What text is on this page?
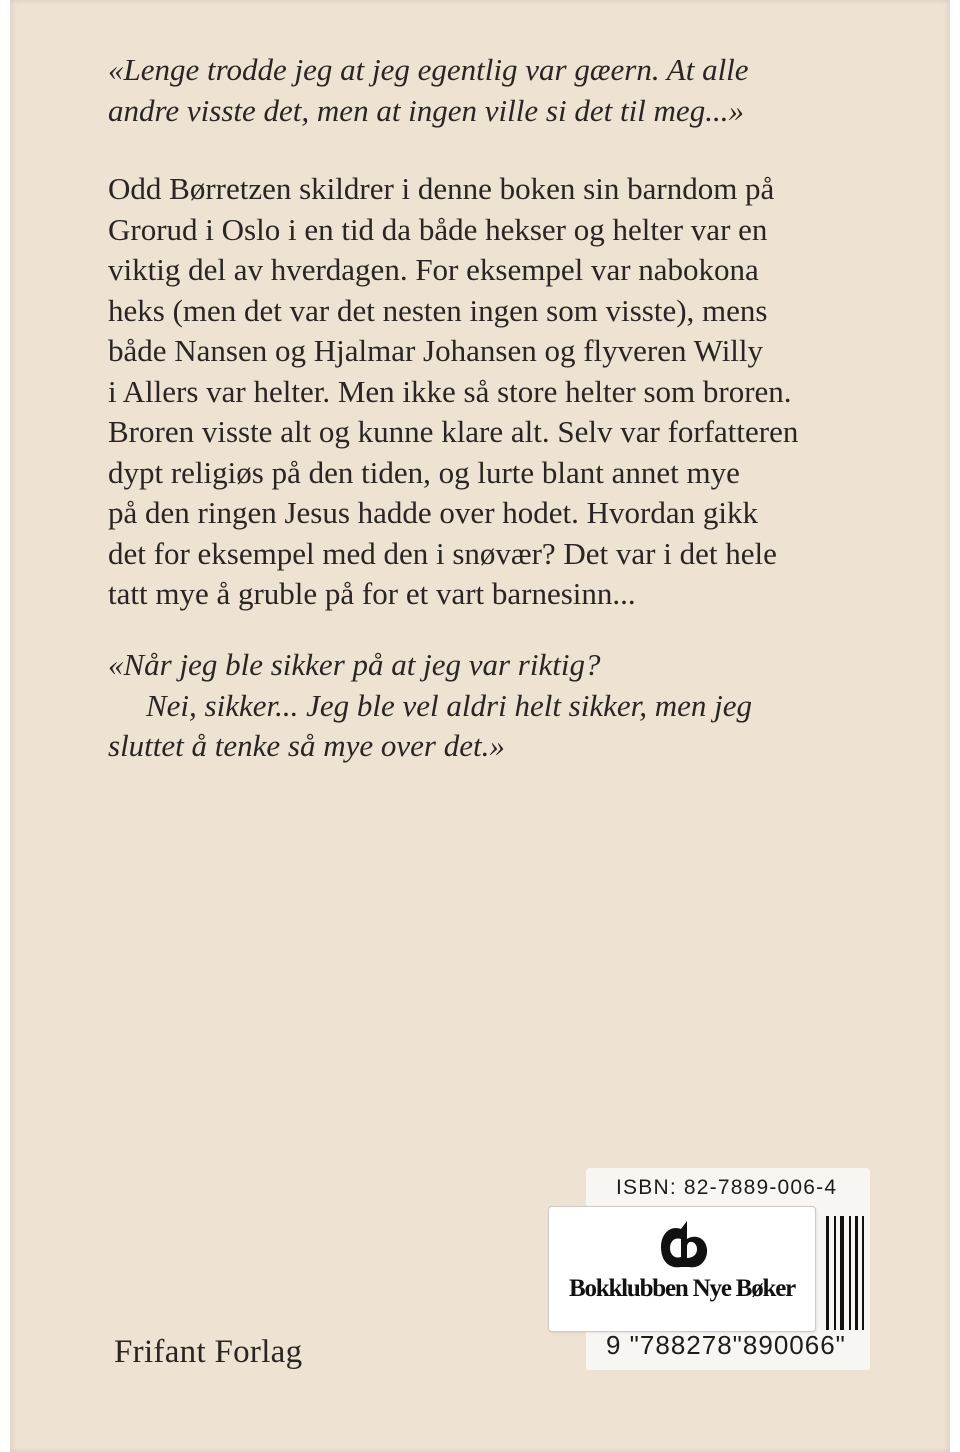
«Lenge trodde jeg at jeg egentlig var gæern. At alle
andre visste det, men at ingen ville si det til meg...»
Odd Børretzen skildrer i denne boken sin barndom på
Grorud i Oslo i en tid da både hekser og helter var en
viktig del av hverdagen. For eksempel var nabokona
heks (men det var det nesten ingen som visste), mens
både Nansen og Hjalmar Johansen og flyveren Willy
i Allers var helter. Men ikke så store helter som broren.
Broren visste alt og kunne klare alt. Selv var forfatteren
dypt religiøs på den tiden, og lurte blant annet mye
på den ringen Jesus hadde over hodet. Hvordan gikk
det for eksempel med den i snøvær? Det var i det hele
tatt mye å gruble på for et vart barnesinn...
«Når jeg ble sikker på at jeg var riktig?
Nei, sikker... Jeg ble vel aldri helt sikker, men jeg
sluttet å tenke så mye over det.»
Frifant Forlag
ISBN: 82-7889-006-4
Bokklubben Nye Bøker
9 "788278"890066"
